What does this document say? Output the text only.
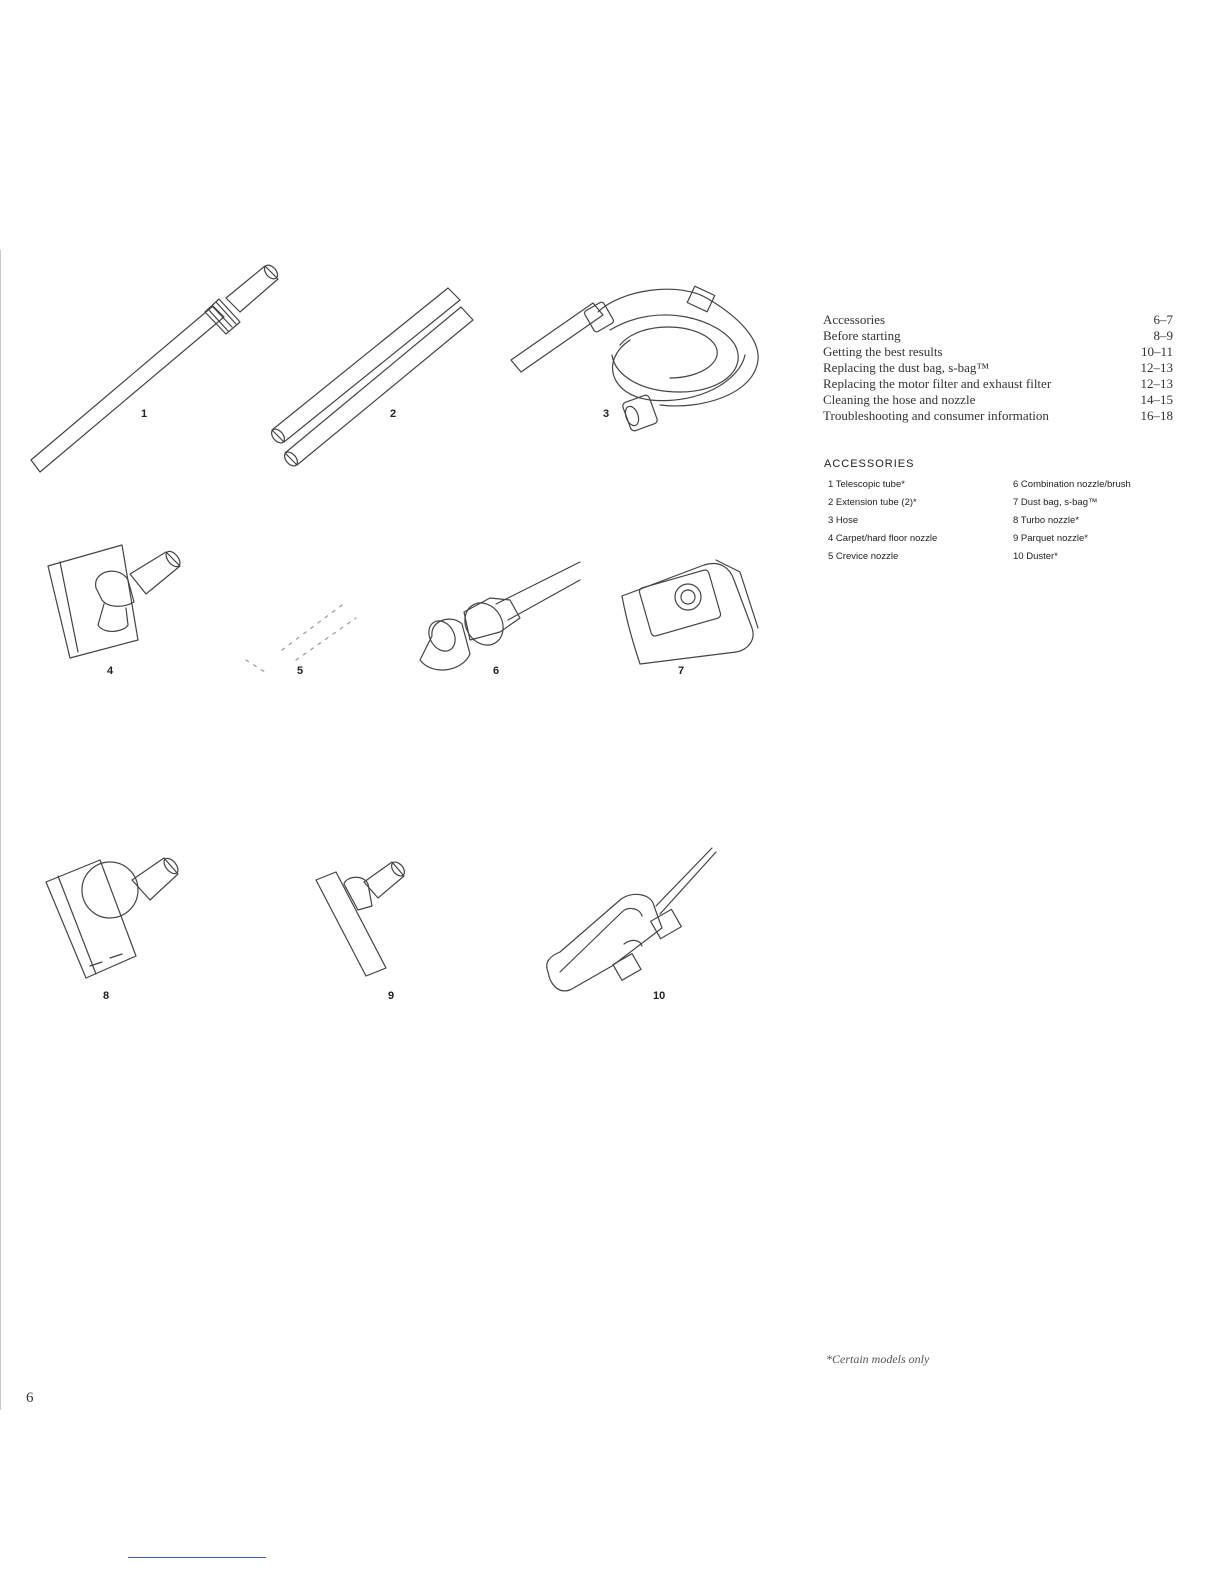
1	2	3
4	5	6	7
8	9	10
Accessories	6–7
Before starting	8–9
Getting the best results	10–11
Replacing the dust bag, s-bag™	12–13
Replacing the motor filter and exhaust filter	12–13
Cleaning the hose and nozzle	14–15
Troubleshooting and consumer information	16–18
ACCESSORIES
1 Telescopic tube*
2 Extension tube (2)*
3 Hose
4 Carpet/hard floor nozzle
5 Crevice nozzle
6 Combination nozzle/brush
7 Dust bag, s-bag™
8 Turbo nozzle*
9 Parquet nozzle*
10 Duster*
*Certain models only
6
